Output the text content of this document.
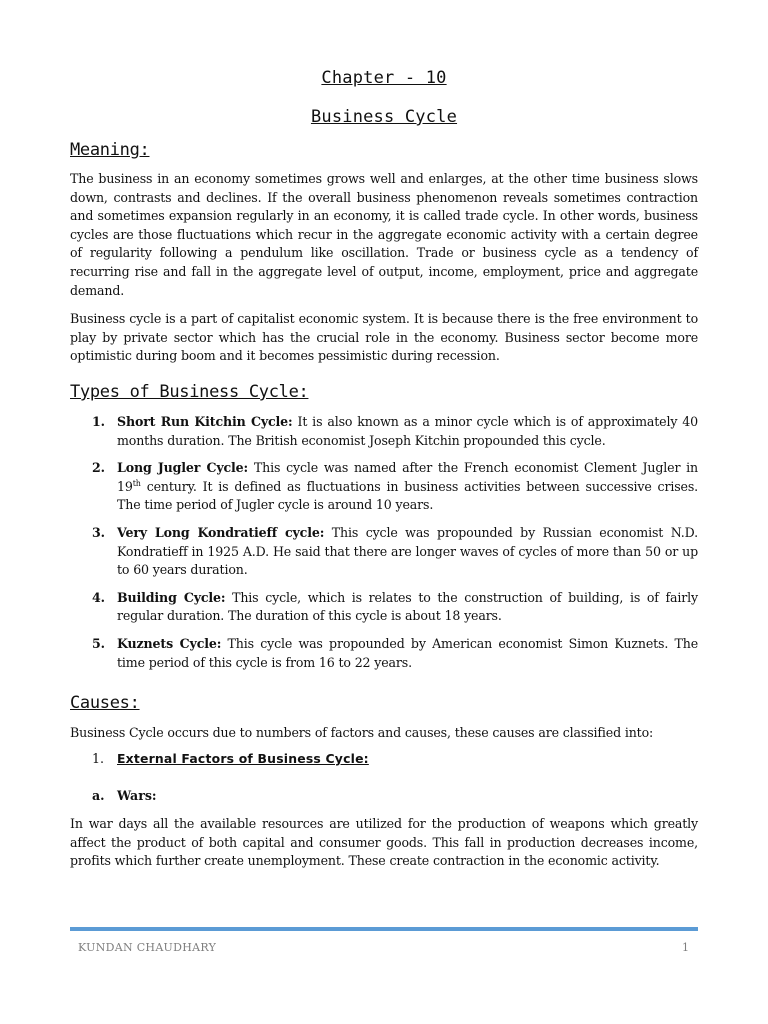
Chapter - 10
Business Cycle
Meaning:

The business in an economy sometimes grows well and enlarges, at the other time business slows down, contrasts and declines. If the overall business phenomenon reveals sometimes contraction and sometimes expansion regularly in an economy, it is called trade cycle. In other words, business cycles are those fluctuations which recur in the aggregate economic activity with a certain degree of regularity following a pendulum like oscillation. Trade or business cycle as a tendency of recurring rise and fall in the aggregate level of output, income, employment, price and aggregate demand.

Business cycle is a part of capitalist economic system. It is because there is the free environment to play by private sector which has the crucial role in the economy. Business sector become more optimistic during boom and it becomes pessimistic during recession.

Types of Business Cycle:
1. Short Run Kitchin Cycle: It is also known as a minor cycle which is of approximately 40 months duration. The British economist Joseph Kitchin propounded this cycle.
2. Long Jugler Cycle: This cycle was named after the French economist Clement Jugler in 19th century. It is defined as fluctuations in business activities between successive crises. The time period of Jugler cycle is around 10 years.
3. Very Long Kondratieff cycle: This cycle was propounded by Russian economist N.D. Kondratieff in 1925 A.D. He said that there are longer waves of cycles of more than 50 or up to 60 years duration.
4. Building Cycle: This cycle, which is relates to the construction of building, is of fairly regular duration. The duration of this cycle is about 18 years.
5. Kuznets Cycle: This cycle was propounded by American economist Simon Kuznets. The time period of this cycle is from 16 to 22 years.
Causes:

Business Cycle occurs due to numbers of factors and causes, these causes are classified into:

1. External Factors of Business Cycle:
a. Wars:

In war days all the available resources are utilized for the production of weapons which greatly affect the product of both capital and consumer goods. This fall in production decreases income, profits which further create unemployment. These create contraction in the economic activity.

KUNDAN CHAUDHARY	1
